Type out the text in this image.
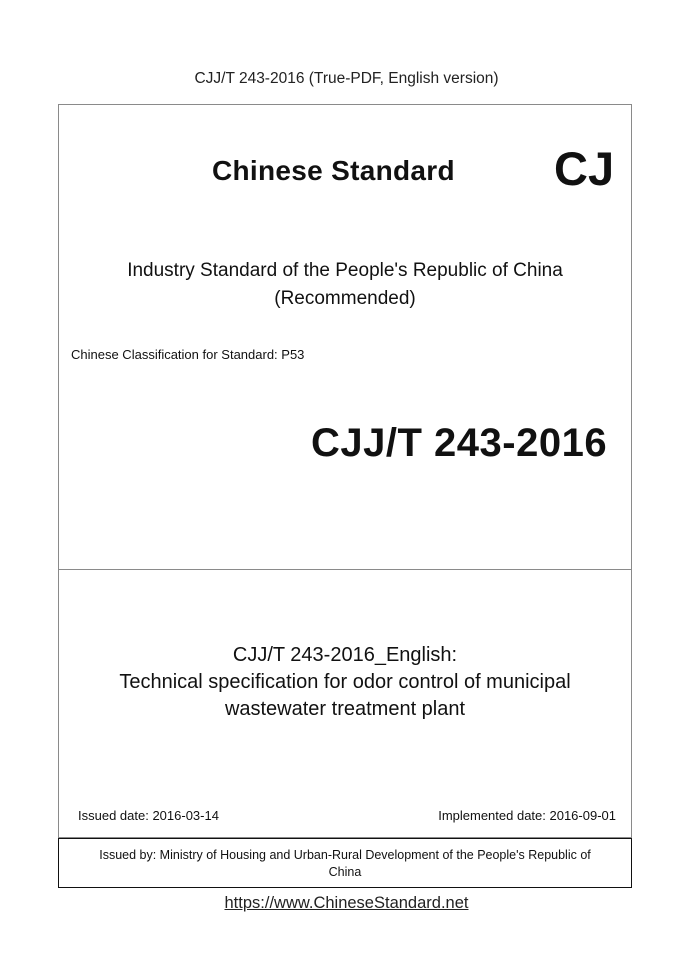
CJJ/T 243-2016 (True-PDF, English version)
Chinese Standard CJ
Industry Standard of the People's Republic of China
(Recommended)
Chinese Classification for Standard: P53
CJJ/T 243-2016
CJJ/T 243-2016_English:
Technical specification for odor control of municipal
wastewater treatment plant
Issued date: 2016-03-14	Implemented date: 2016-09-01
Issued by: Ministry of Housing and Urban-Rural Development of the People's Republic of
China
https://www.ChineseStandard.net
